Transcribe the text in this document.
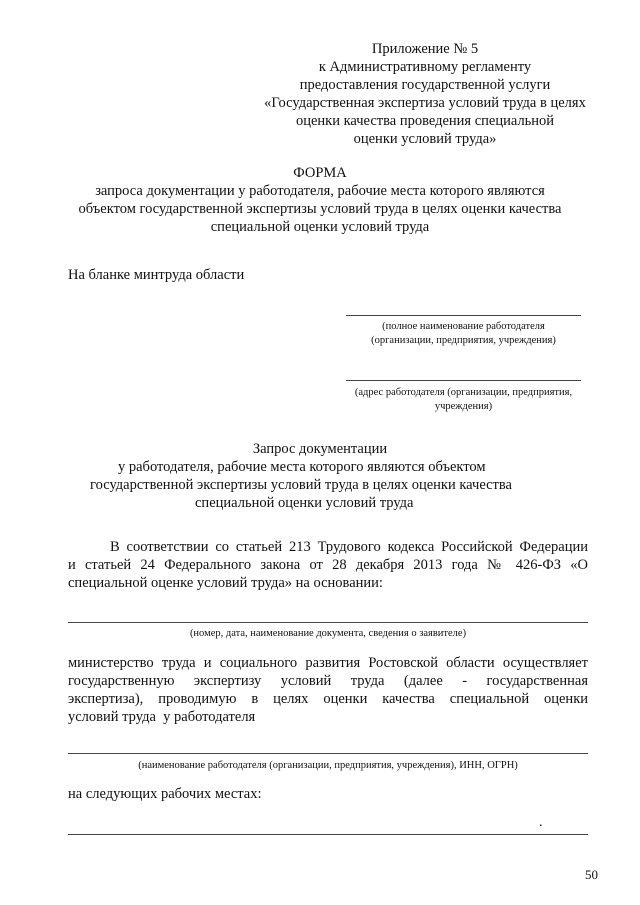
Приложение № 5
к Административному регламенту
предоставления государственной услуги
«Государственная экспертиза условий труда в целях
оценки качества проведения специальной
оценки условий труда»
ФОРМА
запроса документации у работодателя, рабочие места которого являются
объектом государственной экспертизы условий труда в целях оценки качества
специальной оценки условий труда
На бланке минтруда области
(полное наименование работодателя
(организации, предприятия, учреждения)
(адрес работодателя (организации, предприятия,
учреждения)
Запрос документации
у работодателя, рабочие места которого являются объектом
государственной экспертизы условий труда в целях оценки качества
специальной оценки условий труда
В соответствии со статьей 213 Трудового кодекса Российской Федерации
и статьей 24 Федерального закона от 28 декабря 2013 года № 426-ФЗ «О
специальной оценке условий труда» на основании:
(номер, дата, наименование документа, сведения о заявителе)
министерство труда и социального развития Ростовской области осуществляет
государственную экспертизу условий труда (далее - государственная
экспертиза), проводимую в целях оценки качества специальной оценки
условий труда  у работодателя
(наименование работодателя (организации, предприятия, учреждения), ИНН, ОГРН)
на следующих рабочих местах:
.
50
